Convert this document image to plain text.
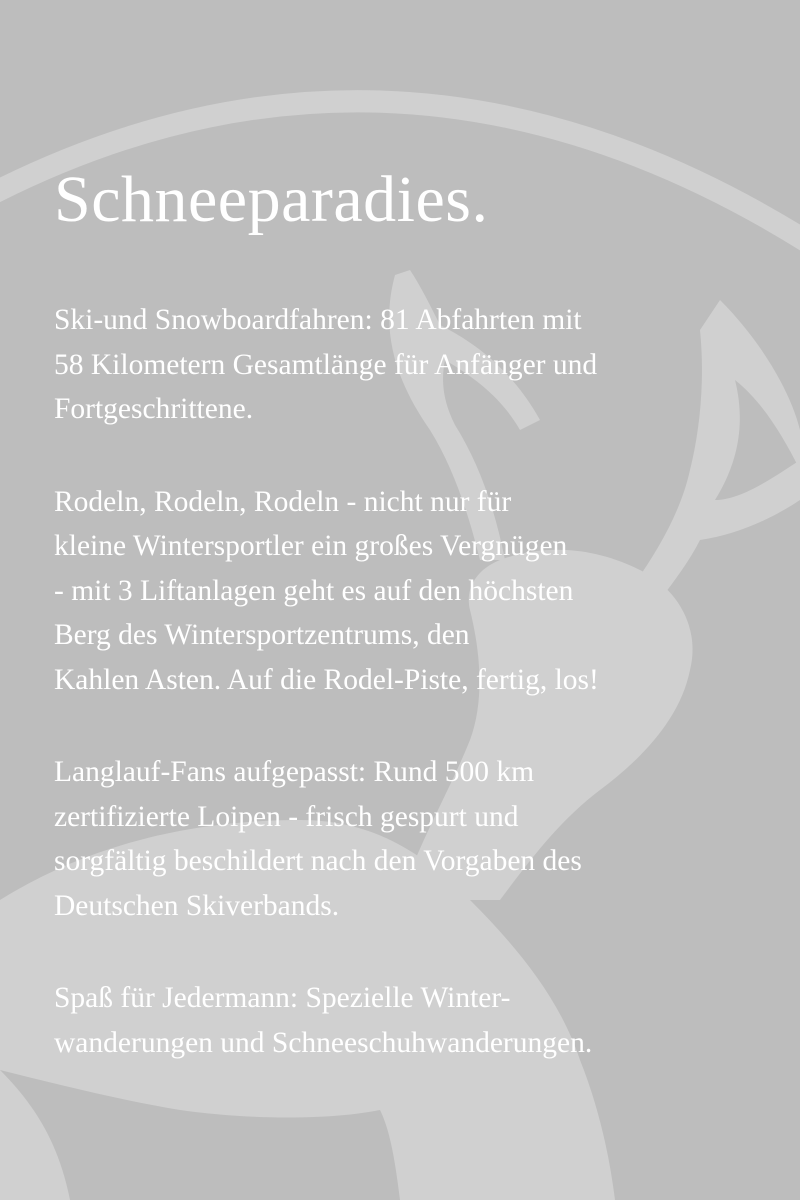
Schneeparadies.

Ski-und Snowboardfahren: 81 Abfahrten mit
58 Kilometern Gesamtlänge für Anfänger und
Fortgeschrittene.

Rodeln, Rodeln, Rodeln - nicht nur für
kleine Wintersportler ein großes Vergnügen
- mit 3 Liftanlagen geht es auf den höchsten
Berg des Wintersportzentrums, den
Kahlen Asten. Auf die Rodel-Piste, fertig, los!

Langlauf-Fans aufgepasst: Rund 500 km
zertifizierte Loipen - frisch gespurt und
sorgfältig beschildert nach den Vorgaben des
Deutschen Skiverbands.

Spaß für Jedermann: Spezielle Winter-
wanderungen und Schneeschuhwanderungen.
